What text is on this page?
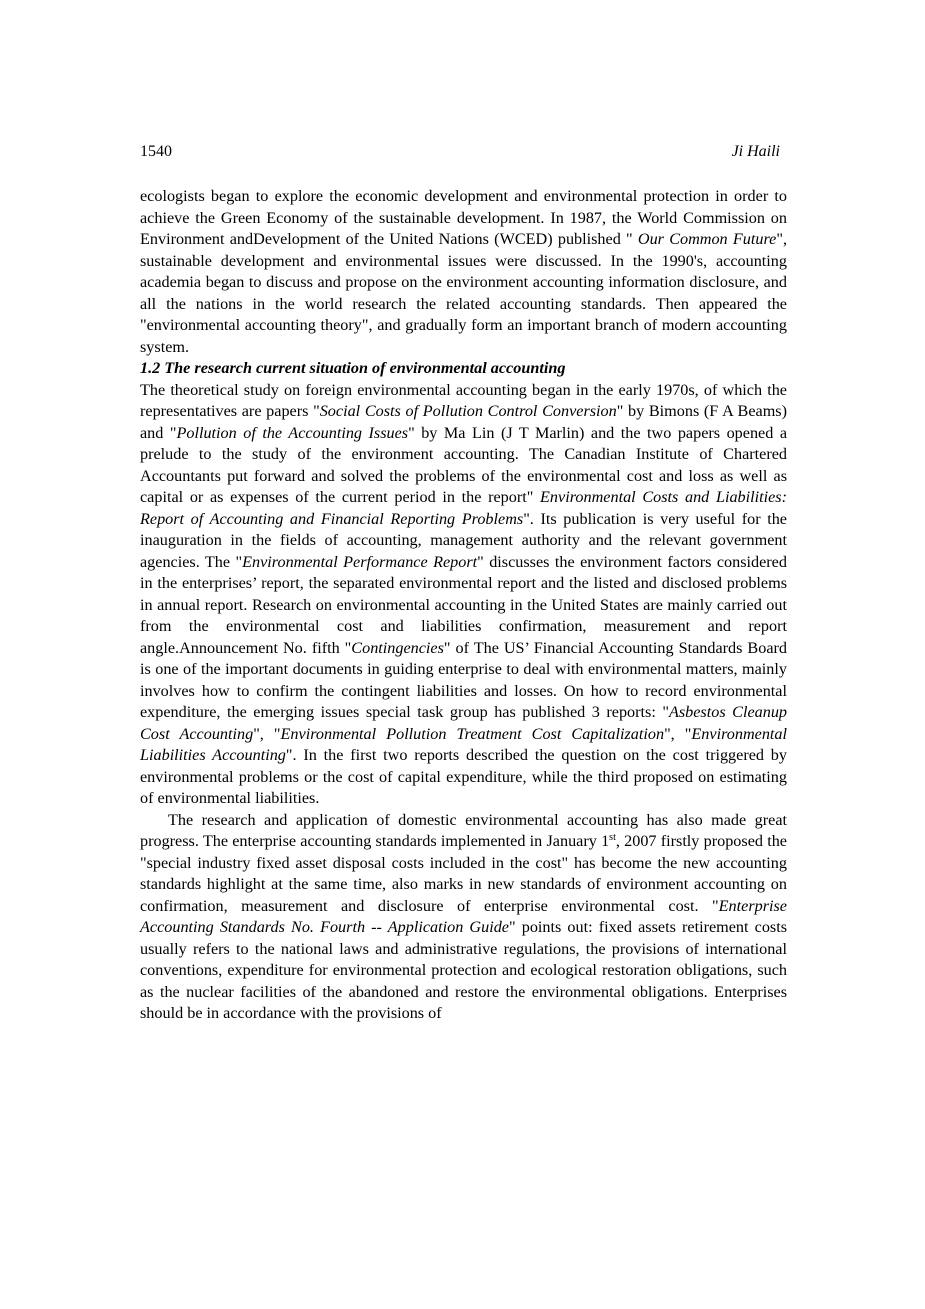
1540	Ji Haili

ecologists began to explore the economic development and environmental protection in order to achieve the Green Economy of the sustainable development. In 1987, the World Commission on Environment andDevelopment of the United Nations (WCED) published " Our Common Future", sustainable development and environmental issues were discussed. In the 1990's, accounting academia began to discuss and propose on the environment accounting information disclosure, and all the nations in the world research the related accounting standards. Then appeared the "environmental accounting theory", and gradually form an important branch of modern accounting system.

1.2 The research current situation of environmental accounting

The theoretical study on foreign environmental accounting began in the early 1970s, of which the representatives are papers "Social Costs of Pollution Control Conversion" by Bimons (F A Beams) and "Pollution of the Accounting Issues" by Ma Lin (J T Marlin) and the two papers opened a prelude to the study of the environment accounting. The Canadian Institute of Chartered Accountants put forward and solved the problems of the environmental cost and loss as well as capital or as expenses of the current period in the report" Environmental Costs and Liabilities: Report of Accounting and Financial Reporting Problems". Its publication is very useful for the inauguration in the fields of accounting, management authority and the relevant government agencies. The "Environmental Performance Report" discusses the environment factors considered in the enterprises’ report, the separated environmental report and the listed and disclosed problems in annual report. Research on environmental accounting in the United States are mainly carried out from the environmental cost and liabilities confirmation, measurement and report angle.Announcement No. fifth "Contingencies" of The US’ Financial Accounting Standards Board is one of the important documents in guiding enterprise to deal with environmental matters, mainly involves how to confirm the contingent liabilities and losses. On how to record environmental expenditure, the emerging issues special task group has published 3 reports: "Asbestos Cleanup Cost Accounting", "Environmental Pollution Treatment Cost Capitalization", "Environmental Liabilities Accounting". In the first two reports described the question on the cost triggered by environmental problems or the cost of capital expenditure, while the third proposed on estimating of environmental liabilities.

The research and application of domestic environmental accounting has also made great progress. The enterprise accounting standards implemented in January 1st, 2007 firstly proposed the "special industry fixed asset disposal costs included in the cost" has become the new accounting standards highlight at the same time, also marks in new standards of environment accounting on confirmation, measurement and disclosure of enterprise environmental cost. "Enterprise Accounting Standards No. Fourth -- Application Guide" points out: fixed assets retirement costs usually refers to the national laws and administrative regulations, the provisions of international conventions, expenditure for environmental protection and ecological restoration obligations, such as the nuclear facilities of the abandoned and restore the environmental obligations. Enterprises should be in accordance with the provisions of
